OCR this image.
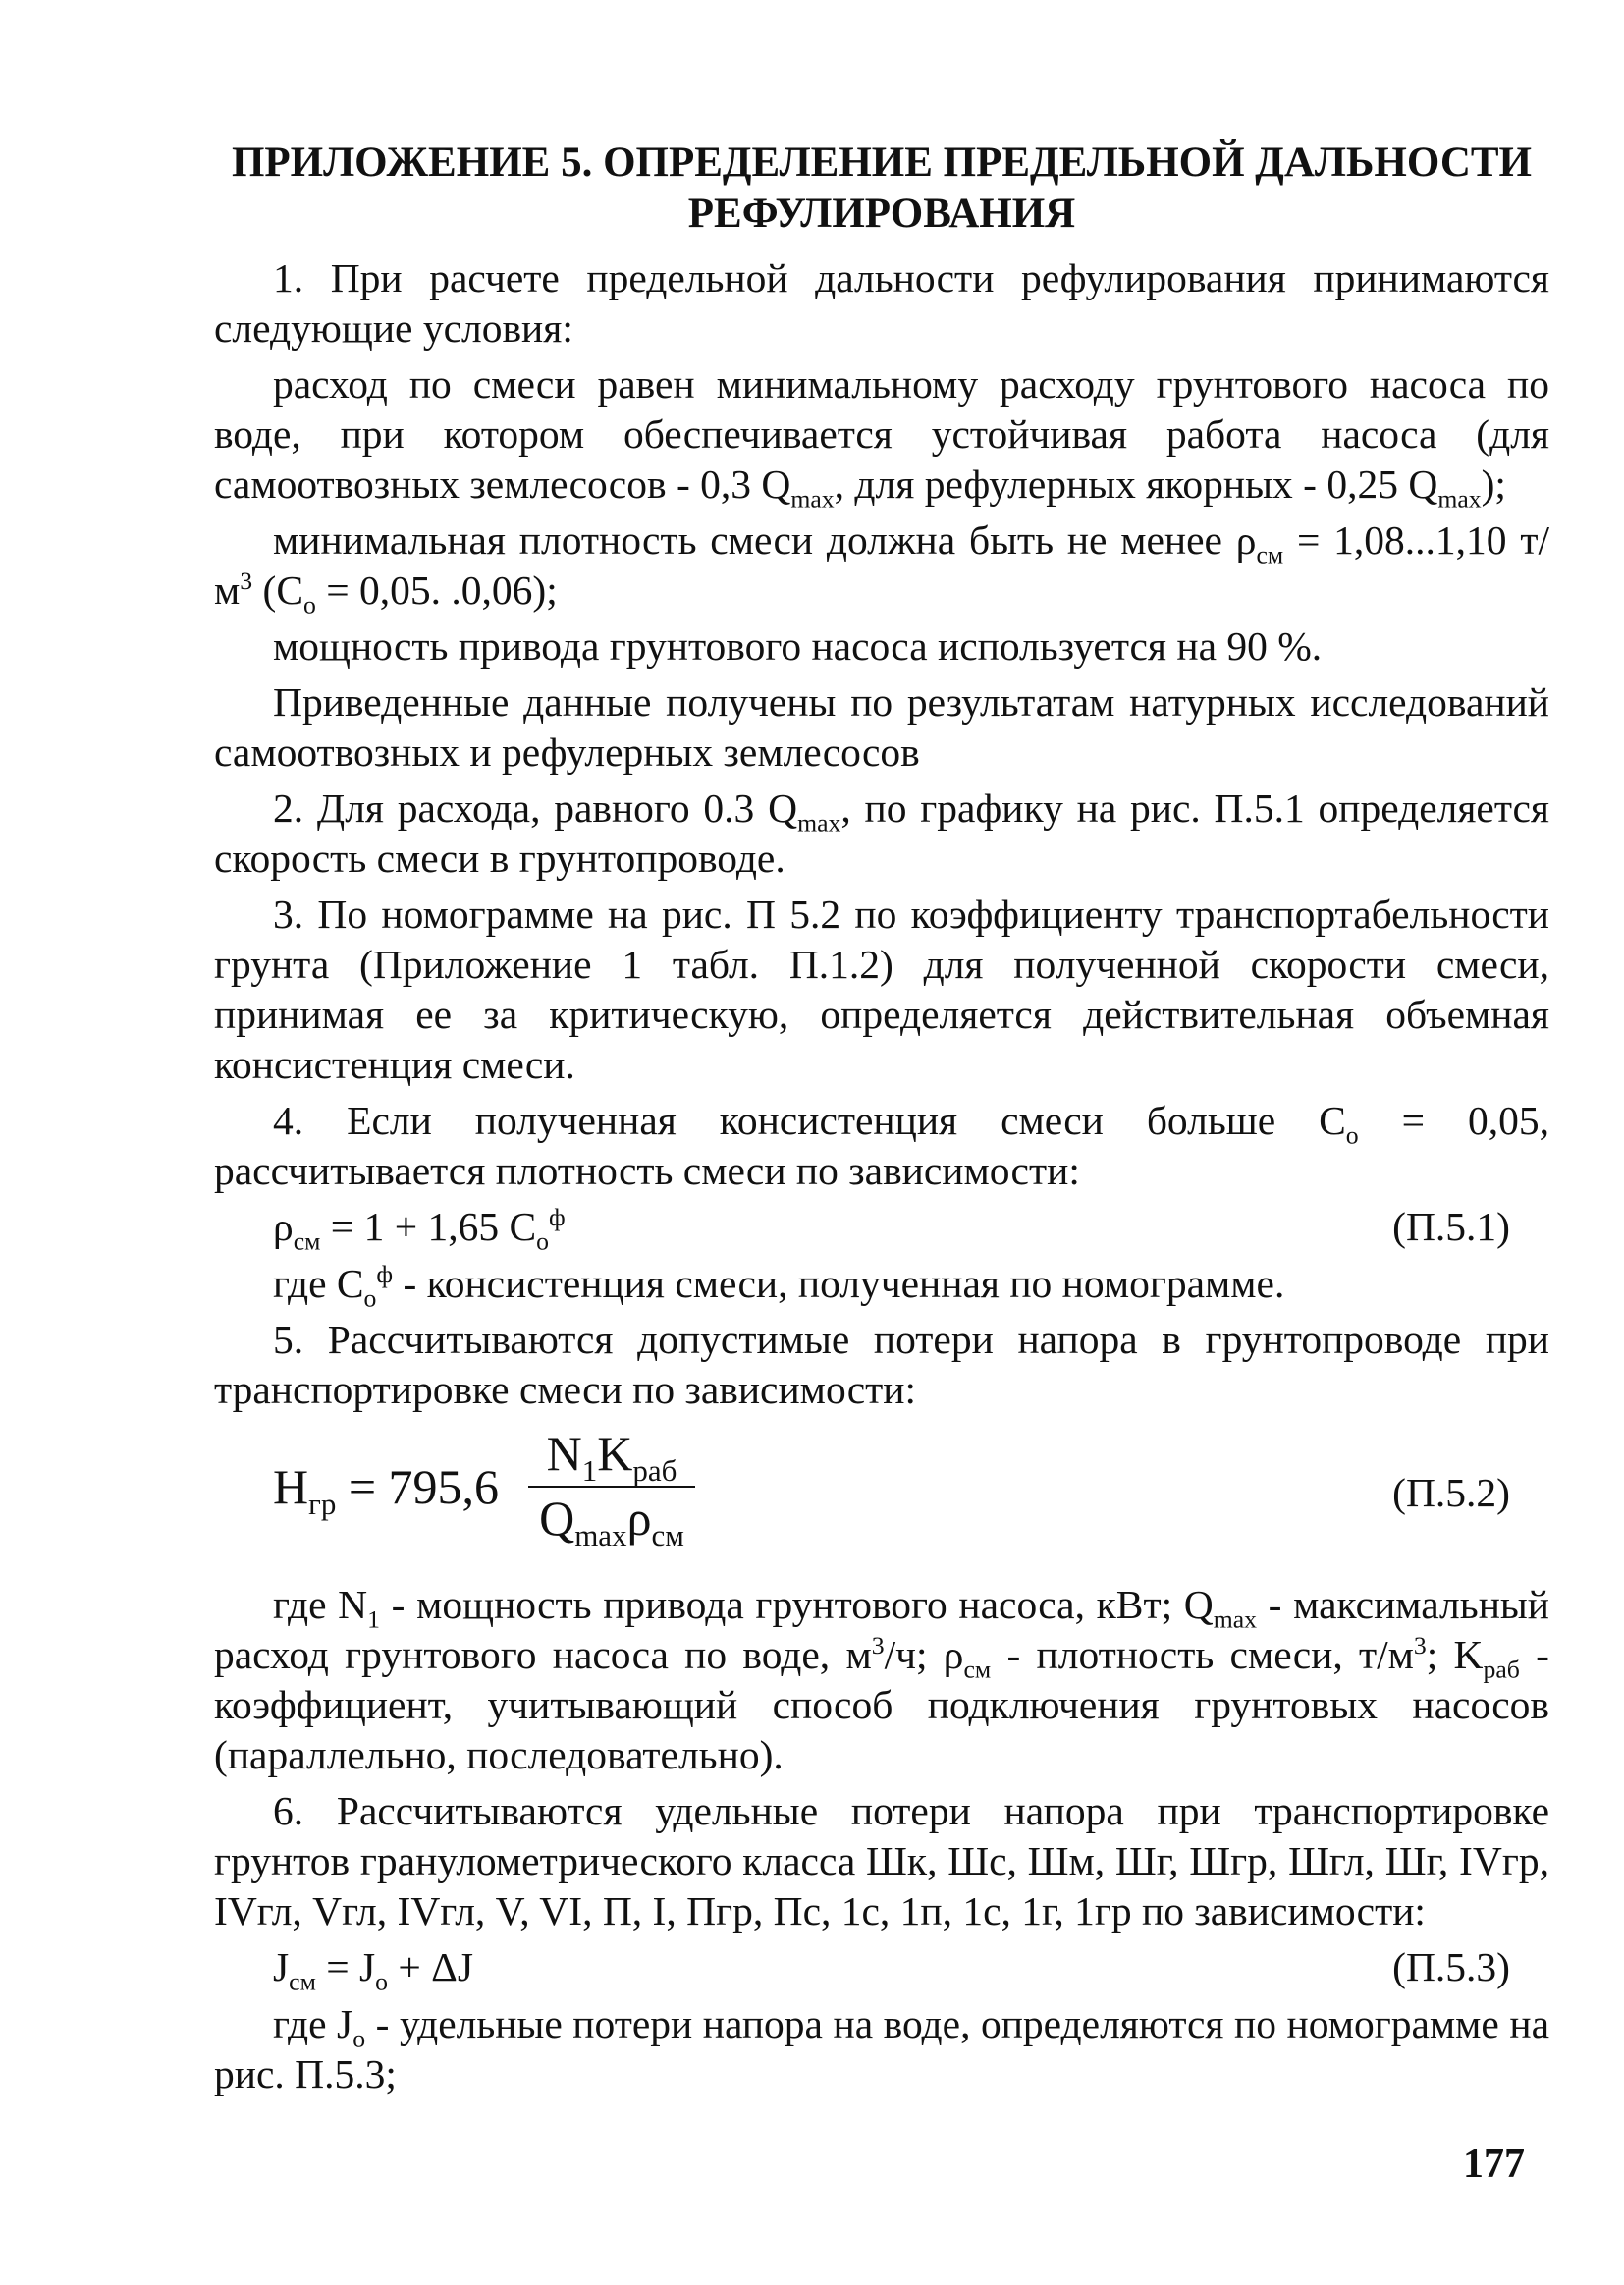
ПРИЛОЖЕНИЕ 5. ОПРЕДЕЛЕНИЕ ПРЕДЕЛЬНОЙ ДАЛЬНОСТИ
РЕФУЛИРОВАНИЯ

1. При расчете предельной дальности рефулирования принимаются следующие условия:

расход по смеси равен минимальному расходу грунтового насоса по воде, при котором обеспечивается устойчивая работа насоса (для самоотвозных землесосов - 0,3 $Q_{max}$, для рефулерных якорных - 0,25 $Q_{max}$);

минимальная плотность смеси должна быть не менее $\rho_{см} = 1,08...1,10$ $т/м^3$ ($C_о = 0,05$. .0,06);

мощность привода грунтового насоса используется на 90 %.

Приведенные данные получены по результатам натурных исследований самоотвозных и рефулерных землесосов

2. Для расхода, равного 0.3 $Q_{max}$, по графику на рис. П.5.1 определяется скорость смеси в грунтопроводе.

3. По номограмме на рис. П 5.2 по коэффициенту транспортабельности грунта (Приложение 1 табл. П.1.2) для полученной скорости смеси, принимая ее за критическую, определяется действительная объемная консистенция смеси.

4. Если полученная консистенция смеси больше $C_о = 0,05$, рассчитывается плотность смеси по зависимости:

$\rho_{см} = 1 + 1,65$ $C_о^ф$	(П.5.1)

где $C_о^ф$ - консистенция смеси, полученная по номограмме.

5. Рассчитываются допустимые потери напора в грунтопроводе при транспортировке смеси по зависимости:

$H_{гр} = 795,6$
$N_1K_{раб}$
$Q_{max}\rho_{см}$
(П.5.2)

где $N_1$ - мощность привода грунтового насоса, кВт; $Q_{max}$ - максимальный расход грунтового насоса по воде, $м^3/ч$; $\rho_{см}$ - плотность смеси, $т/м^3$; $K_{раб}$ - коэффициент, учитывающий способ подключения грунтовых насосов (параллельно, последовательно).

6. Рассчитываются удельные потери напора при транспортировке грунтов гранулометрического класса Шк, Шс, Шм, Шг, Шгр, Шгл, Шг, IVгр, IVгл, Vгл, IVгл, V, VI, П, I, Пгр, Пс, 1с, 1п, 1с, 1г, 1гр по зависимости:

$J_{см} = J_о + \Delta J$	(П.5.3)

где $J_о$ - удельные потери напора на воде, определяются по номограмме на рис. П.5.3;

177
